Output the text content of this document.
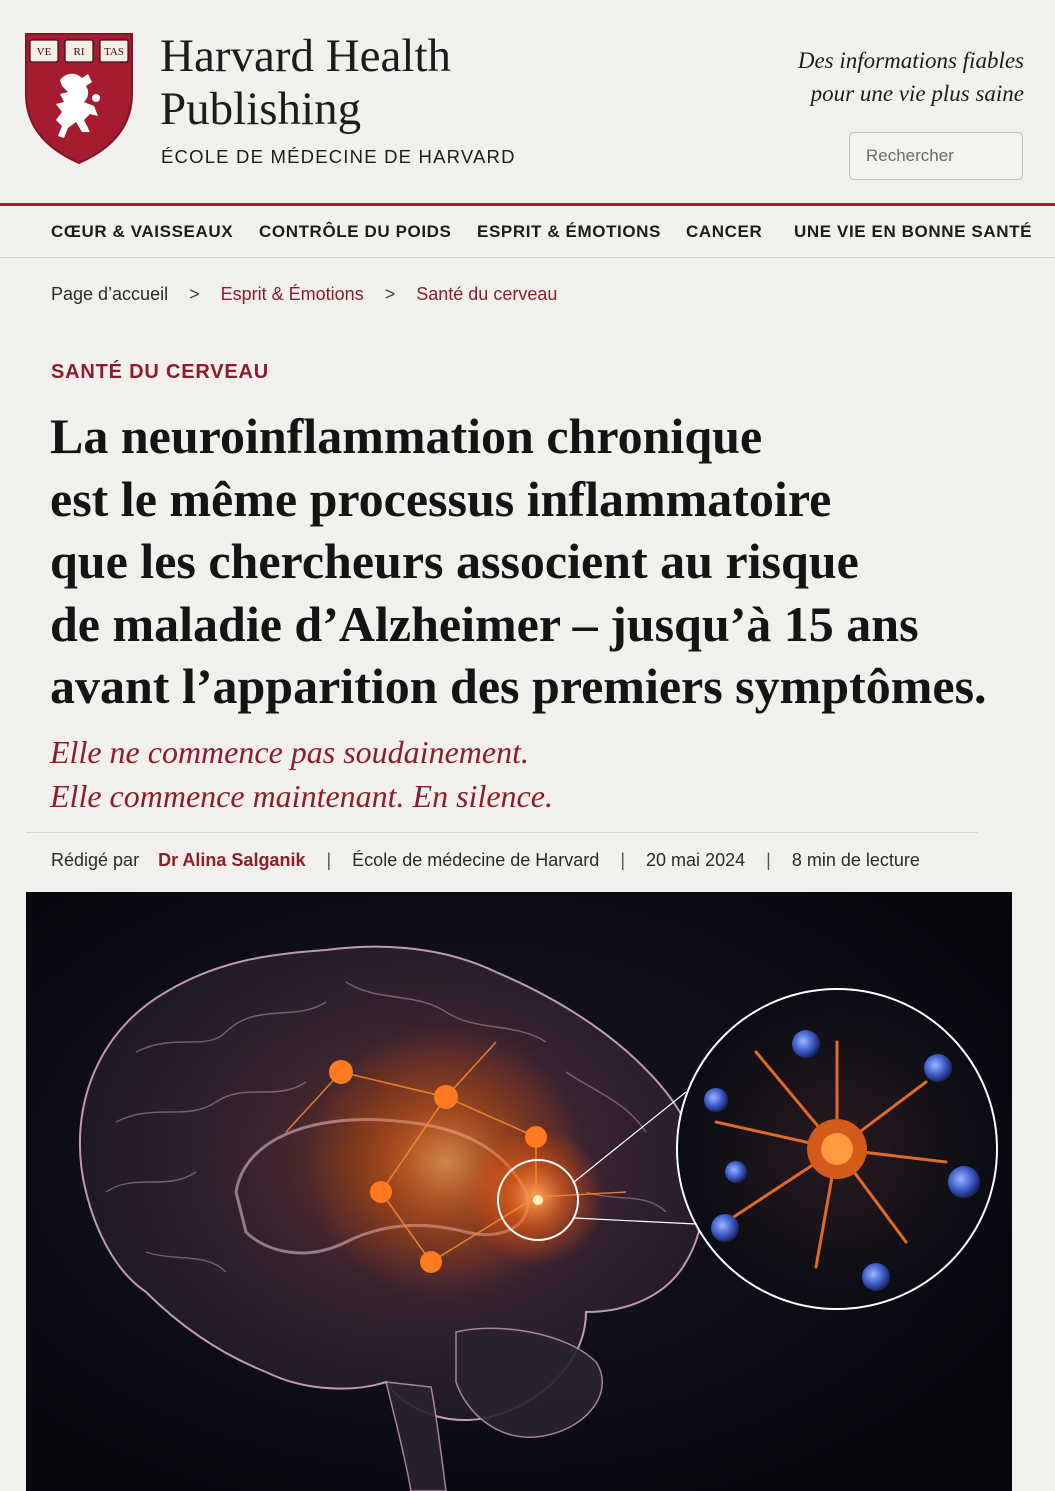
VE RI TAS Harvard Health
Publishing
ÉCOLE DE MÉDECINE DE HARVARD
Des informations fiables
pour une vie plus saine
Rechercher
CŒUR & VAISSEAUX CONTRÔLE DU POIDS ESPRIT & ÉMOTIONS CANCER UNE VIE EN BONNE SANTÉ
Page d’accueil > Esprit & Émotions > Santé du cerveau
SANTÉ DU CERVEAU
La neuroinflammation chronique
est le même processus inflammatoire
que les chercheurs associent au risque
de maladie d’Alzheimer – jusqu’à 15 ans
avant l’apparition des premiers symptômes.
Elle ne commence pas soudainement.
Elle commence maintenant. En silence.
Rédigé par Dr Alina Salganik | École de médecine de Harvard | 20 mai 2024 | 8 min de lecture
